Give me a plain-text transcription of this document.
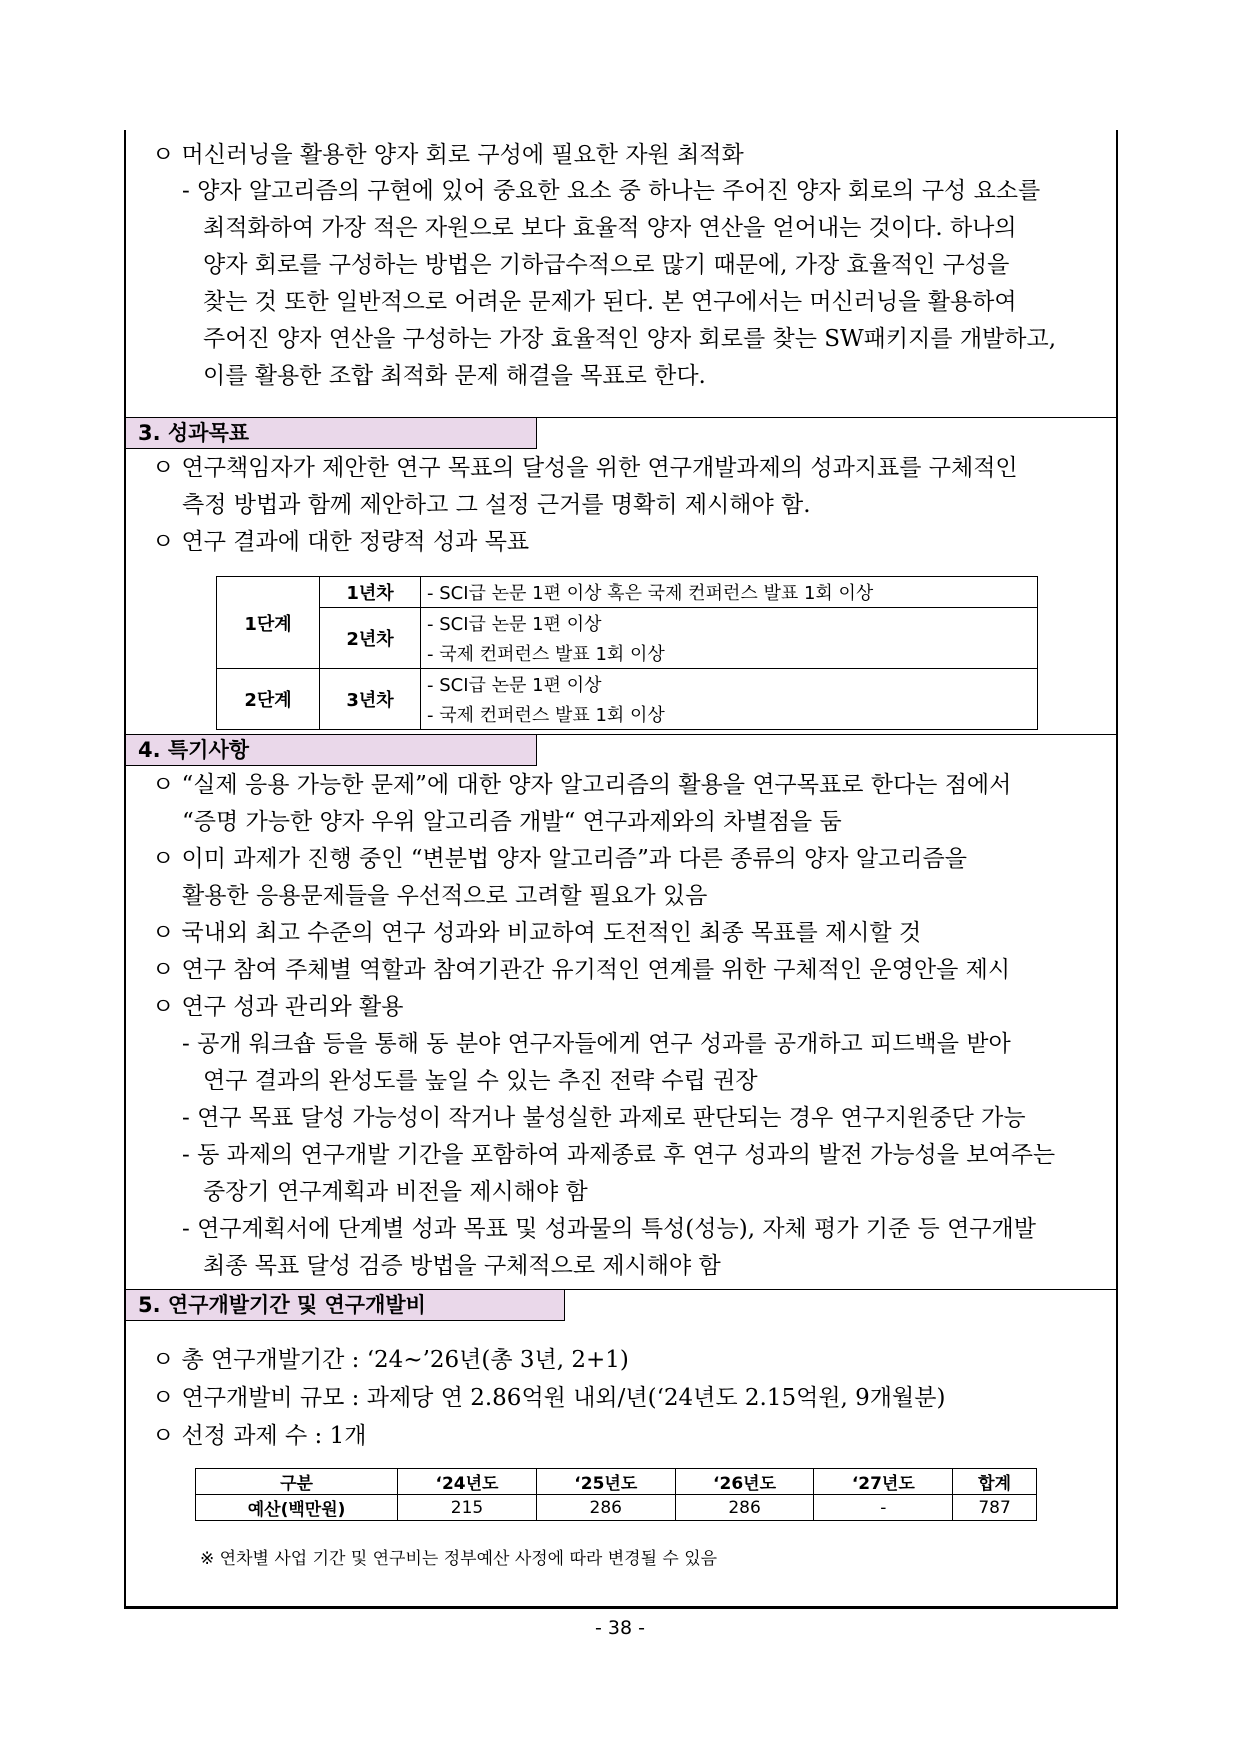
ㅇ 머신러닝을 활용한 양자 회로 구성에 필요한 자원 최적화
- 양자 알고리즘의 구현에 있어 중요한 요소 중 하나는 주어진 양자 회로의 구성 요소를
최적화하여 가장 적은 자원으로 보다 효율적 양자 연산을 얻어내는 것이다. 하나의
양자 회로를 구성하는 방법은 기하급수적으로 많기 때문에, 가장 효율적인 구성을
찾는 것 또한 일반적으로 어려운 문제가 된다. 본 연구에서는 머신러닝을 활용하여
주어진 양자 연산을 구성하는 가장 효율적인 양자 회로를 찾는 SW패키지를 개발하고,
이를 활용한 조합 최적화 문제 해결을 목표로 한다.
3. 성과목표
ㅇ 연구책임자가 제안한 연구 목표의 달성을 위한 연구개발과제의 성과지표를 구체적인
측정 방법과 함께 제안하고 그 설정 근거를 명확히 제시해야 함.
ㅇ 연구 결과에 대한 정량적 성과 목표
1단계	1년차	- SCI급 논문 1편 이상 혹은 국제 컨퍼런스 발표 1회 이상
	2년차	- SCI급 논문 1편 이상
		- 국제 컨퍼런스 발표 1회 이상
2단계	3년차	- SCI급 논문 1편 이상
		- 국제 컨퍼런스 발표 1회 이상
4. 특기사항
ㅇ “실제 응용 가능한 문제”에 대한 양자 알고리즘의 활용을 연구목표로 한다는 점에서
“증명 가능한 양자 우위 알고리즘 개발“ 연구과제와의 차별점을 둠
ㅇ 이미 과제가 진행 중인 “변분법 양자 알고리즘”과 다른 종류의 양자 알고리즘을
활용한 응용문제들을 우선적으로 고려할 필요가 있음
ㅇ 국내외 최고 수준의 연구 성과와 비교하여 도전적인 최종 목표를 제시할 것
ㅇ 연구 참여 주체별 역할과 참여기관간 유기적인 연계를 위한 구체적인 운영안을 제시
ㅇ 연구 성과 관리와 활용
- 공개 워크숍 등을 통해 동 분야 연구자들에게 연구 성과를 공개하고 피드백을 받아
연구 결과의 완성도를 높일 수 있는 추진 전략 수립 권장
- 연구 목표 달성 가능성이 작거나 불성실한 과제로 판단되는 경우 연구지원중단 가능
- 동 과제의 연구개발 기간을 포함하여 과제종료 후 연구 성과의 발전 가능성을 보여주는
중장기 연구계획과 비전을 제시해야 함
- 연구계획서에 단계별 성과 목표 및 성과물의 특성(성능), 자체 평가 기준 등 연구개발
최종 목표 달성 검증 방법을 구체적으로 제시해야 함
5. 연구개발기간 및 연구개발비
ㅇ 총 연구개발기간 : ‘24~’26년(총 3년, 2+1)
ㅇ 연구개발비 규모 : 과제당 연 2.86억원 내외/년(‘24년도 2.15억원, 9개월분)
ㅇ 선정 과제 수 : 1개
구분	‘24년도	‘25년도	‘26년도	‘27년도	합계
예산(백만원)	215	286	286	-	787
※ 연차별 사업 기간 및 연구비는 정부예산 사정에 따라 변경될 수 있음
- 38 -
